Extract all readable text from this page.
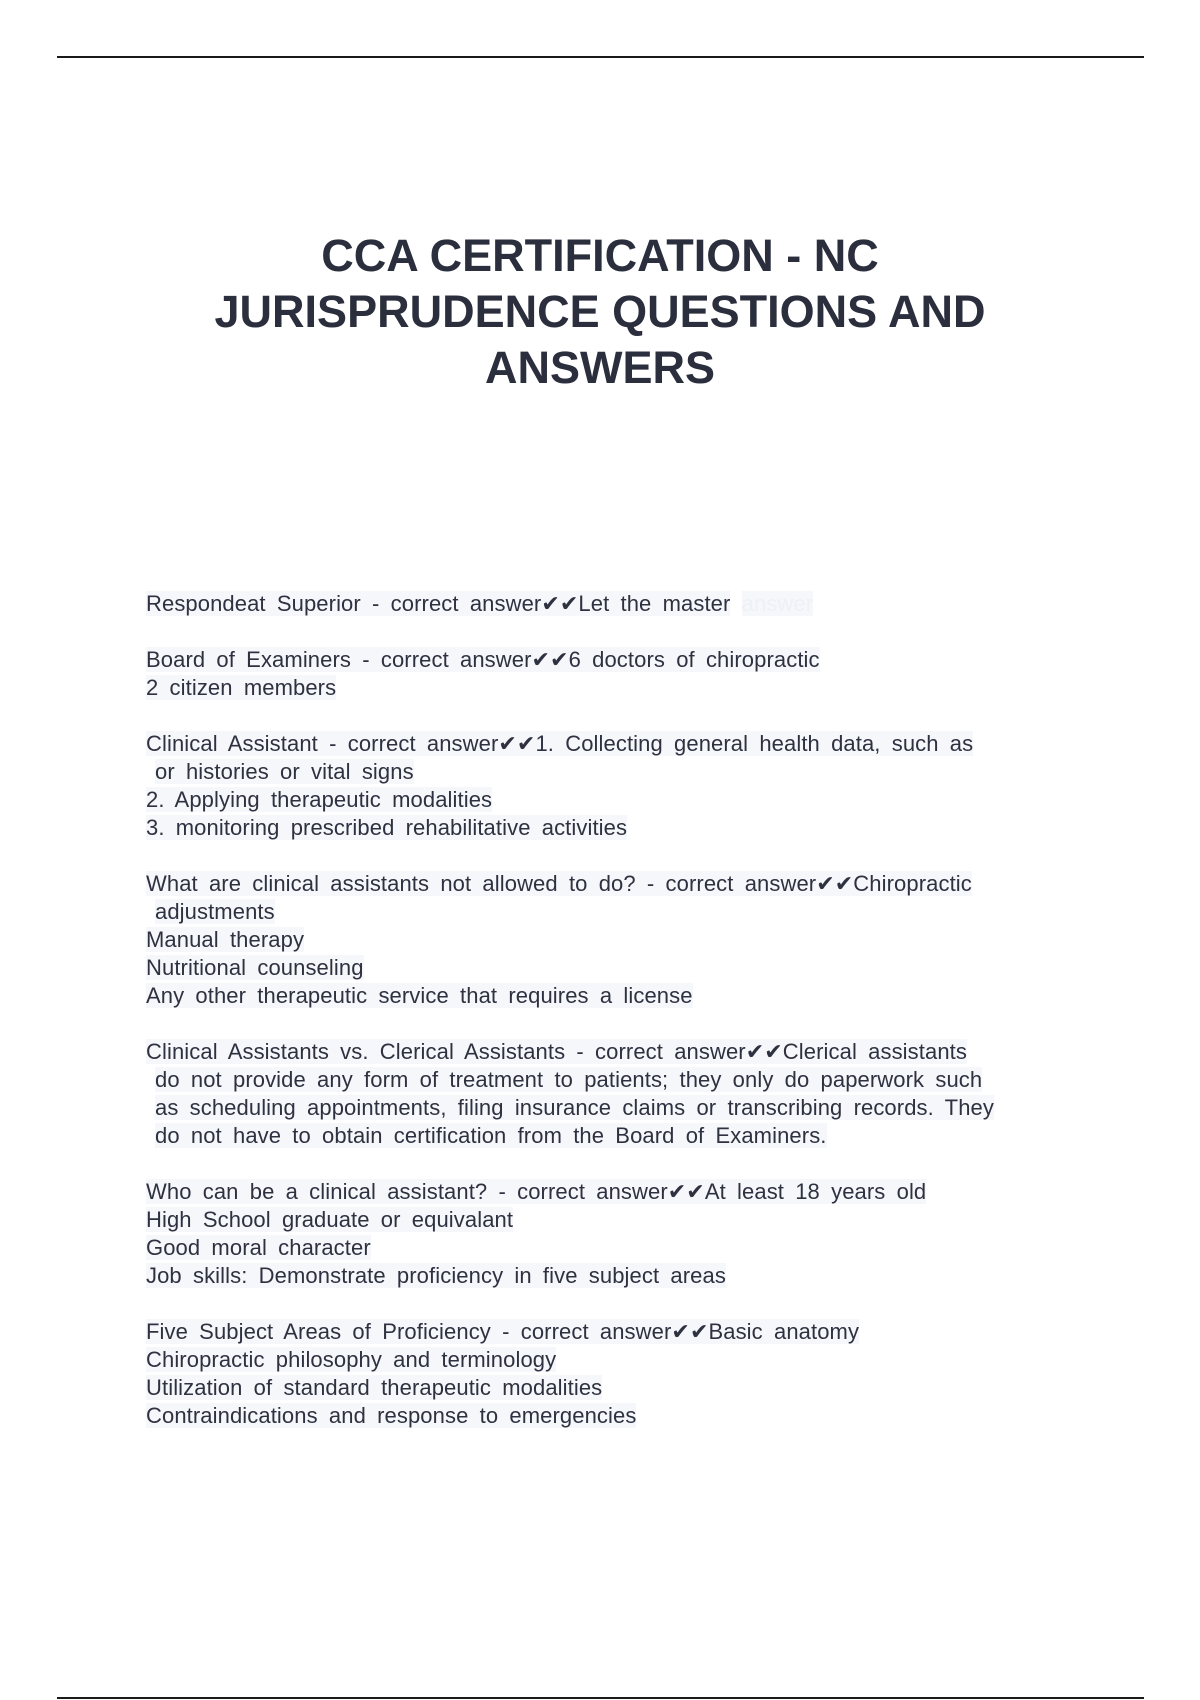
CCA CERTIFICATION - NC
JURISPRUDENCE QUESTIONS AND
ANSWERS
Respondeat Superior - correct answer✔✔Let the master answer
Board of Examiners - correct answer✔✔6 doctors of chiropractic
2 citizen members
Clinical Assistant - correct answer✔✔1. Collecting general health data, such as
or histories or vital signs
2. Applying therapeutic modalities
3. monitoring prescribed rehabilitative activities
What are clinical assistants not allowed to do? - correct answer✔✔Chiropractic
adjustments
Manual therapy
Nutritional counseling
Any other therapeutic service that requires a license
Clinical Assistants vs. Clerical Assistants - correct answer✔✔Clerical assistants
do not provide any form of treatment to patients; they only do paperwork such
as scheduling appointments, filing insurance claims or transcribing records. They
do not have to obtain certification from the Board of Examiners.
Who can be a clinical assistant? - correct answer✔✔At least 18 years old
High School graduate or equivalant
Good moral character
Job skills: Demonstrate proficiency in five subject areas
Five Subject Areas of Proficiency - correct answer✔✔Basic anatomy
Chiropractic philosophy and terminology
Utilization of standard therapeutic modalities
Contraindications and response to emergencies
